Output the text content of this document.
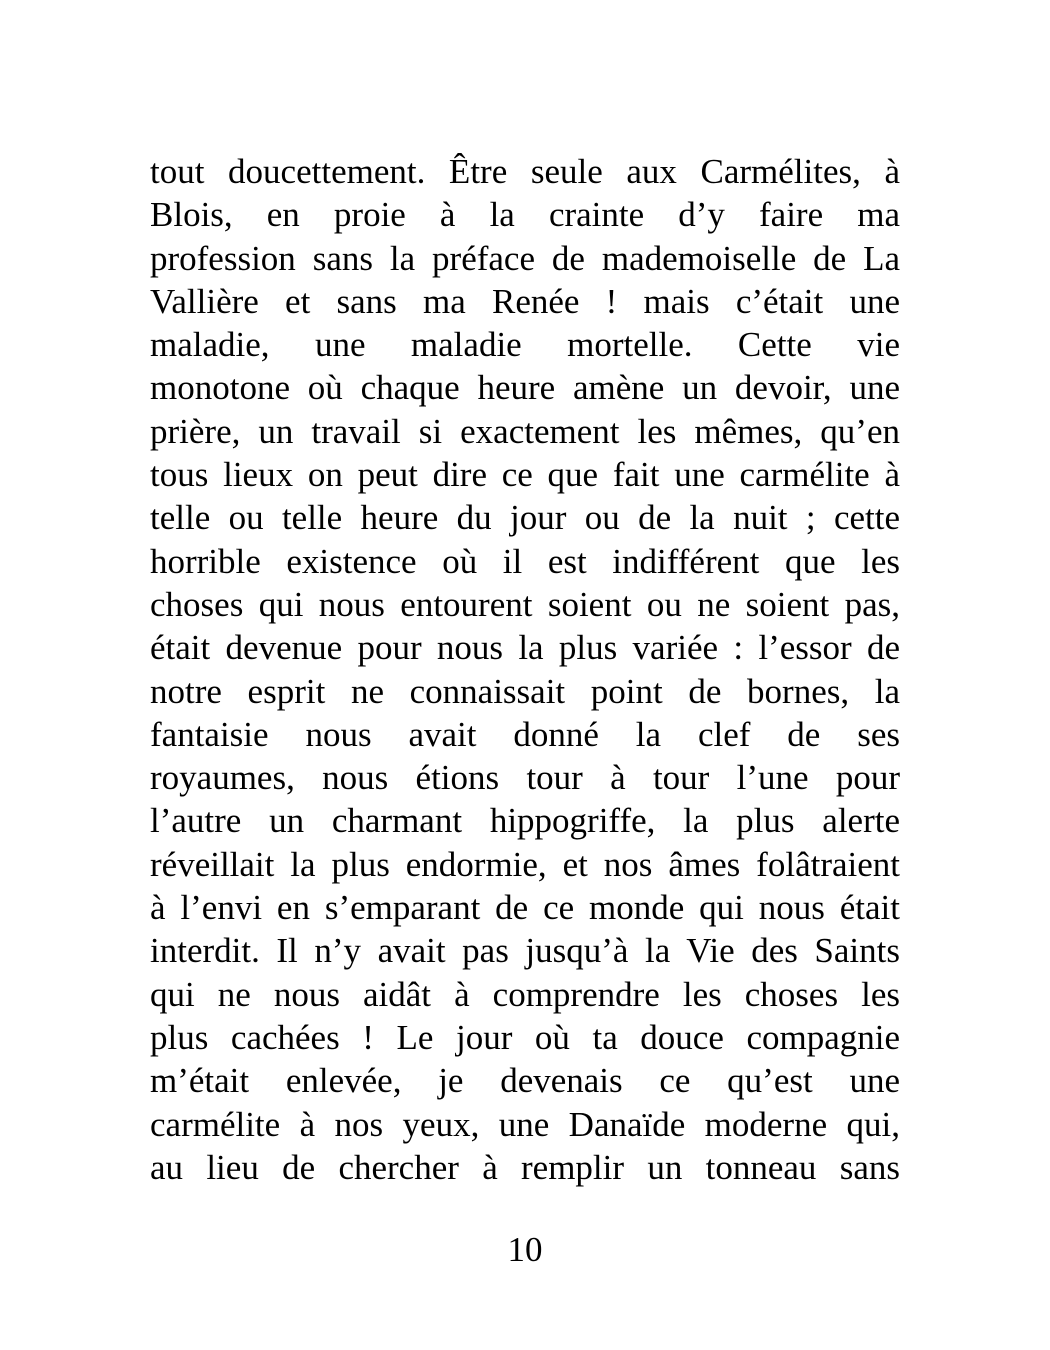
tout doucettement. Être seule aux Carmélites, à
Blois, en proie à la crainte d’y faire ma
profession sans la préface de mademoiselle de La
Vallière et sans ma Renée ! mais c’était une
maladie, une maladie mortelle. Cette vie
monotone où chaque heure amène un devoir, une
prière, un travail si exactement les mêmes, qu’en
tous lieux on peut dire ce que fait une carmélite à
telle ou telle heure du jour ou de la nuit ; cette
horrible existence où il est indifférent que les
choses qui nous entourent soient ou ne soient pas,
était devenue pour nous la plus variée : l’essor de
notre esprit ne connaissait point de bornes, la
fantaisie nous avait donné la clef de ses
royaumes, nous étions tour à tour l’une pour
l’autre un charmant hippogriffe, la plus alerte
réveillait la plus endormie, et nos âmes folâtraient
à l’envi en s’emparant de ce monde qui nous était
interdit. Il n’y avait pas jusqu’à la Vie des Saints
qui ne nous aidât à comprendre les choses les
plus cachées ! Le jour où ta douce compagnie
m’était enlevée, je devenais ce qu’est une
carmélite à nos yeux, une Danaïde moderne qui,
au lieu de chercher à remplir un tonneau sans
10
